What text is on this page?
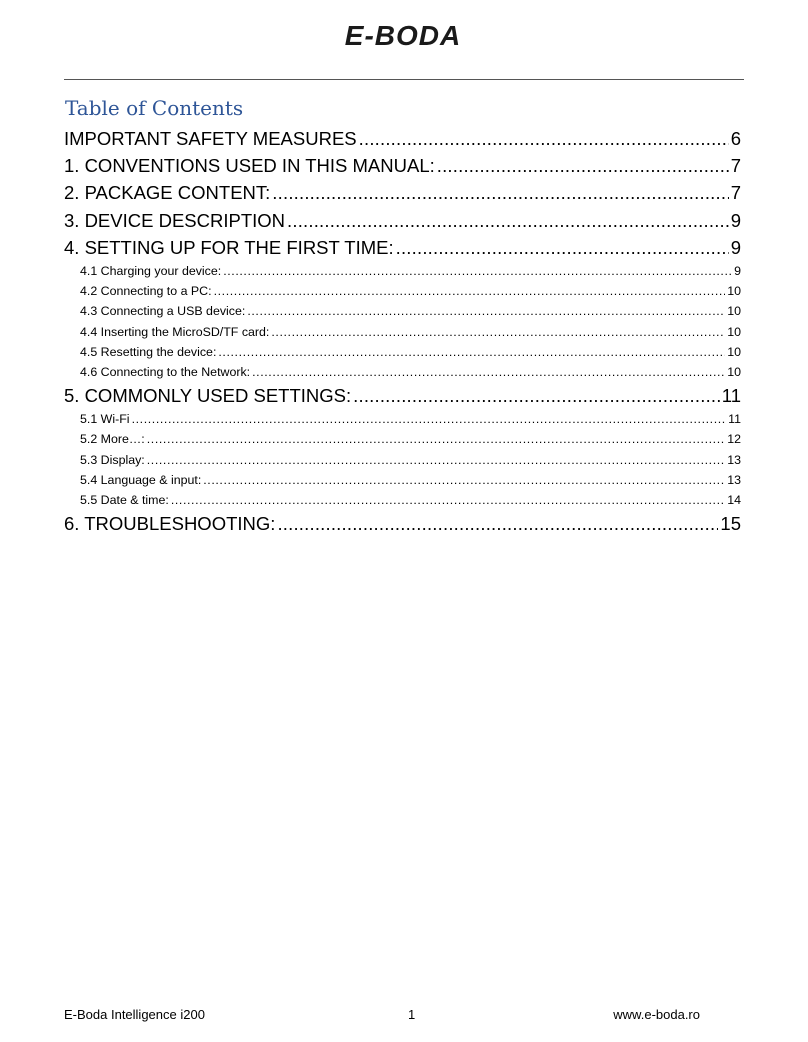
E-BODA
Table of Contents
IMPORTANT SAFETY MEASURES .....	6
1. CONVENTIONS USED IN THIS MANUAL: .....	7
2. PACKAGE CONTENT: .....	7
3. DEVICE DESCRIPTION .....	9
4. SETTING UP FOR THE FIRST TIME: .....	9
4.1 Charging your device: .....	9
4.2 Connecting to a PC: .....	10
4.3 Connecting a USB device: .....	10
4.4 Inserting the MicroSD/TF card: .....	10
4.5 Resetting the device: .....	10
4.6 Connecting to the Network: .....	10
5. COMMONLY USED SETTINGS: .....	11
5.1 Wi-Fi .....	11
5.2 More…: .....	12
5.3 Display: .....	13
5.4 Language & input: .....	13
5.5 Date & time: .....	14
6. TROUBLESHOOTING: .....	15
E-Boda Intelligence i200	1	www.e-boda.ro
